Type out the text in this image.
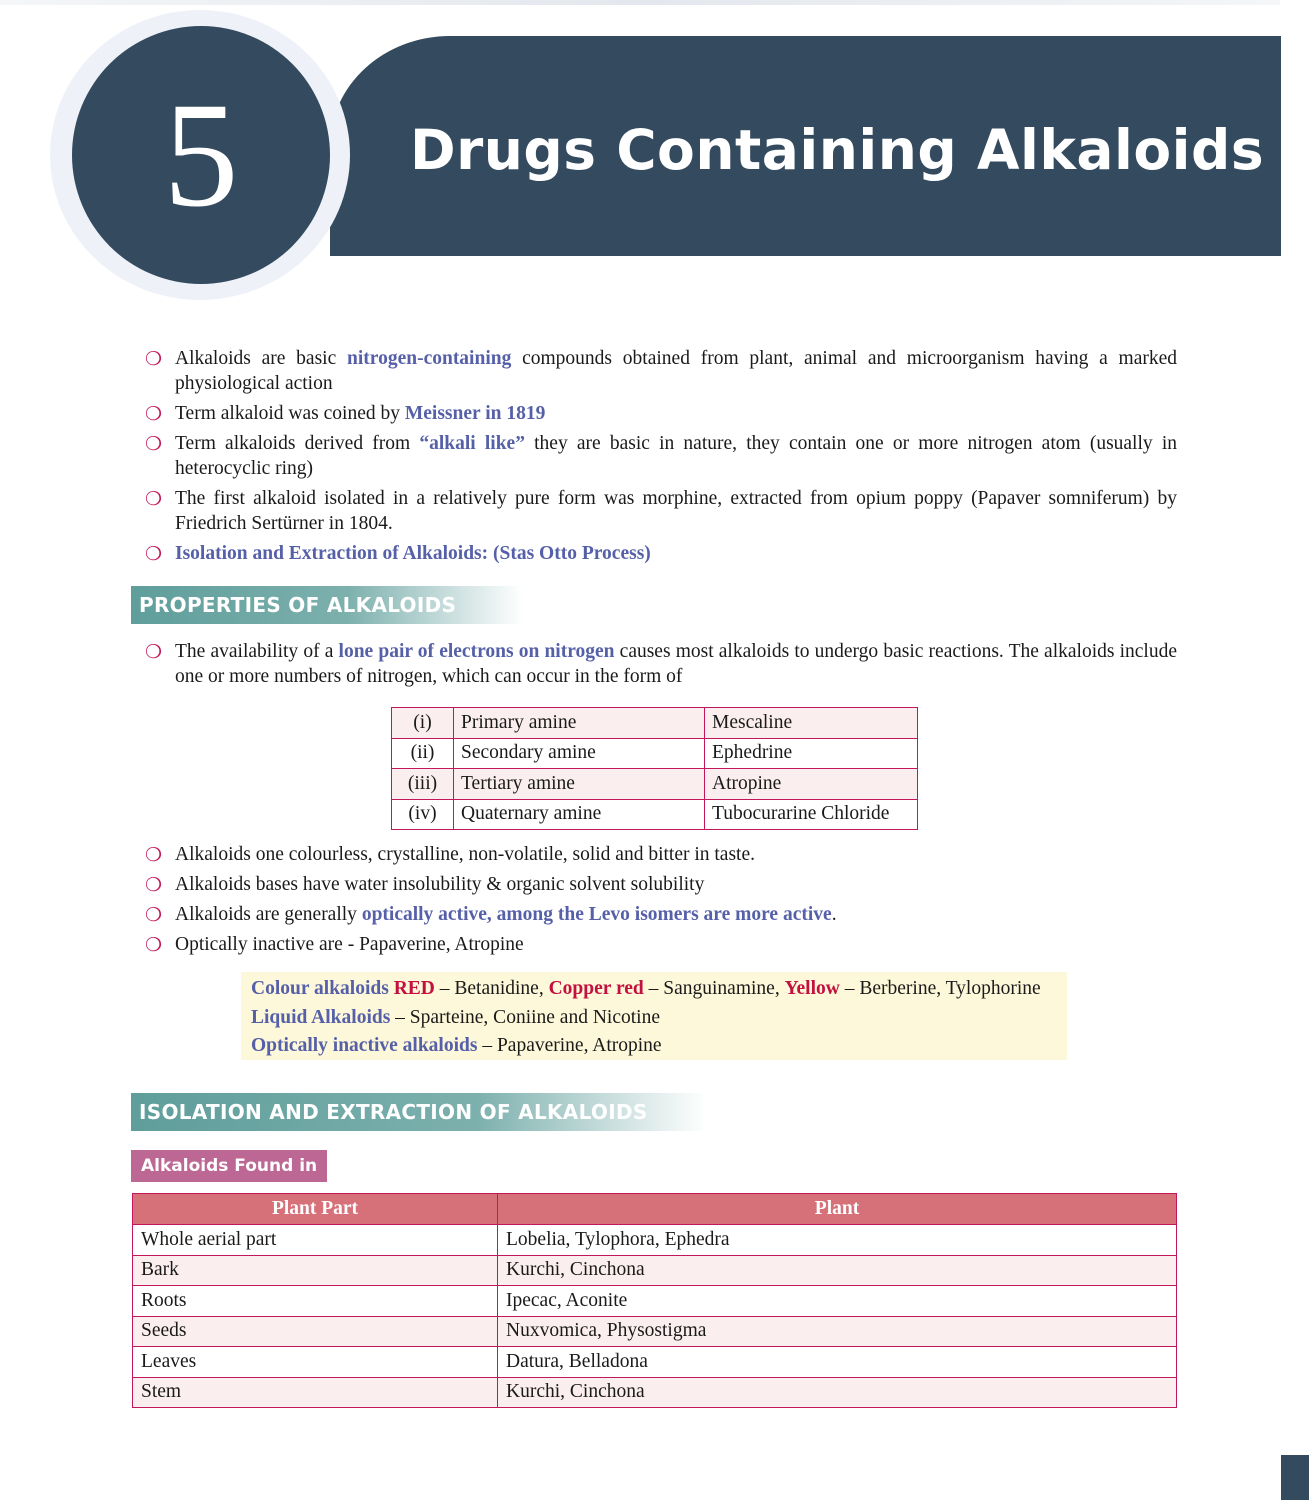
Drugs Containing Alkaloids
5
❍ Alkaloids are basic nitrogen-containing compounds obtained from plant, animal and microorganism having a marked physiological action
❍ Term alkaloid was coined by Meissner in 1819
❍ Term alkaloids derived from “alkali like” they are basic in nature, they contain one or more nitrogen atom (usually in heterocyclic ring)
❍ The first alkaloid isolated in a relatively pure form was morphine, extracted from opium poppy (Papaver somniferum) by Friedrich Sertürner in 1804.
❍ Isolation and Extraction of Alkaloids: (Stas Otto Process)
PROPERTIES OF ALKALOIDS
❍ The availability of a lone pair of electrons on nitrogen causes most alkaloids to undergo basic reactions. The alkaloids include one or more numbers of nitrogen, which can occur in the form of
(i)	Primary amine	Mescaline
(ii)	Secondary amine	Ephedrine
(iii)	Tertiary amine	Atropine
(iv)	Quaternary amine	Tubocurarine Chloride
❍ Alkaloids one colourless, crystalline, non-volatile, solid and bitter in taste.
❍ Alkaloids bases have water insolubility & organic solvent solubility
❍ Alkaloids are generally optically active, among the Levo isomers are more active.
❍ Optically inactive are - Papaverine, Atropine
Colour alkaloids RED – Betanidine, Copper red – Sanguinamine, Yellow – Berberine, Tylophorine
Liquid Alkaloids – Sparteine, Coniine and Nicotine
Optically inactive alkaloids – Papaverine, Atropine
ISOLATION AND EXTRACTION OF ALKALOIDS
Alkaloids Found in
Plant Part	Plant
Whole aerial part	Lobelia, Tylophora, Ephedra
Bark	Kurchi, Cinchona
Roots	Ipecac, Aconite
Seeds	Nuxvomica, Physostigma
Leaves	Datura, Belladona
Stem	Kurchi, Cinchona
